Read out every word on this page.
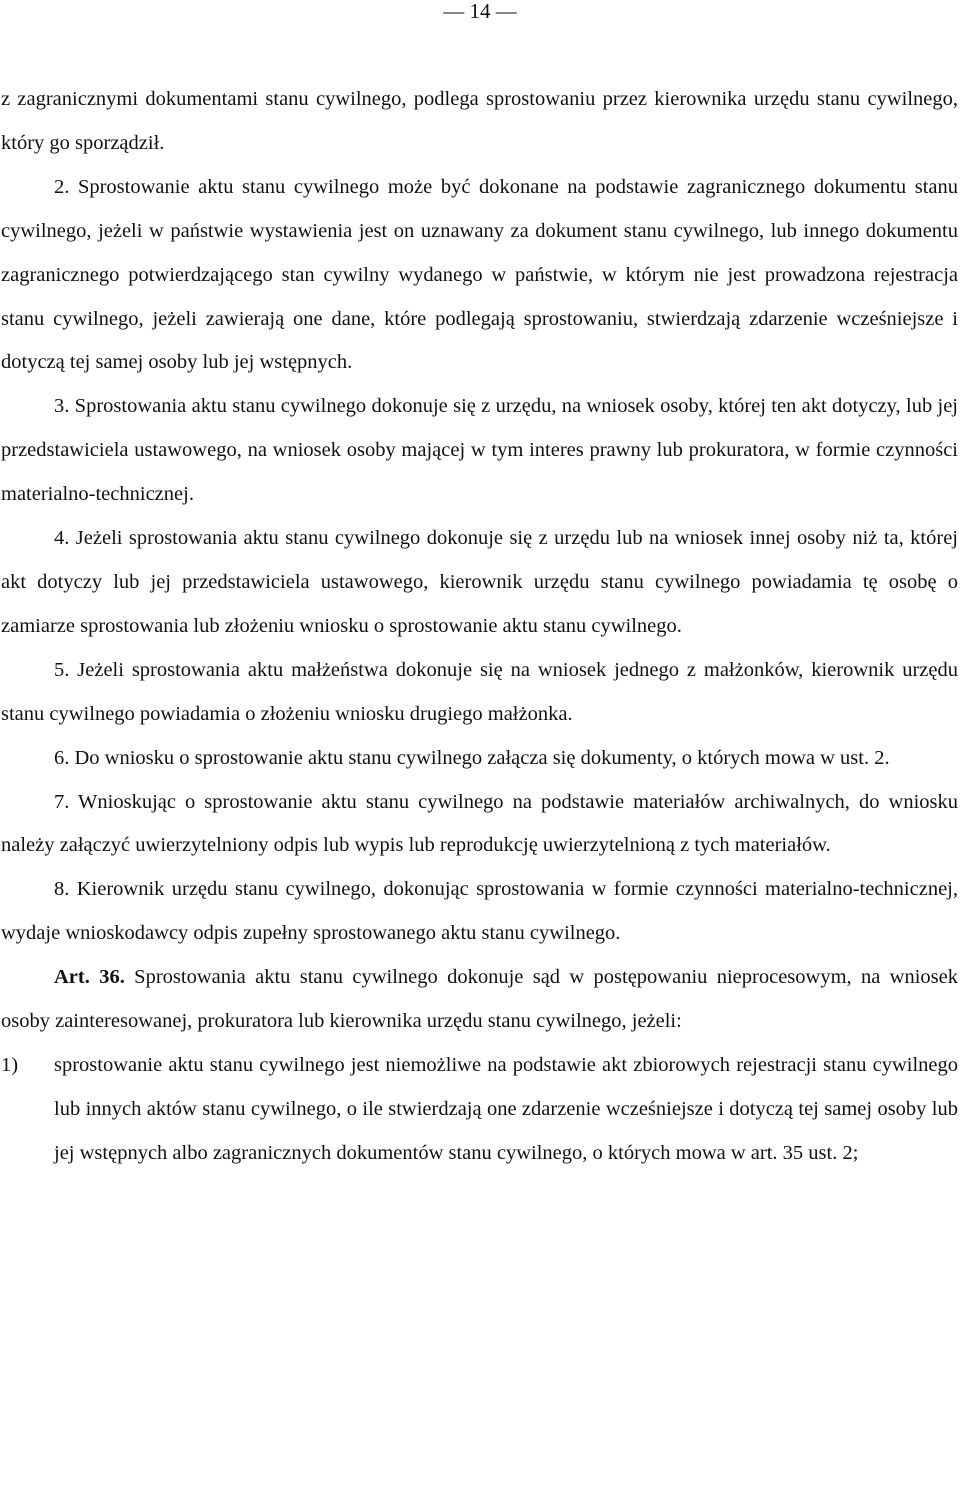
— 14 —

z zagranicznymi dokumentami stanu cywilnego, podlega sprostowaniu przez kierownika urzędu stanu cywilnego, który go sporządził.

2. Sprostowanie aktu stanu cywilnego może być dokonane na podstawie zagranicznego dokumentu stanu cywilnego, jeżeli w państwie wystawienia jest on uznawany za dokument stanu cywilnego, lub innego dokumentu zagranicznego potwierdzającego stan cywilny wydanego w państwie, w którym nie jest prowadzona rejestracja stanu cywilnego, jeżeli zawierają one dane, które podlegają sprostowaniu, stwierdzają zdarzenie wcześniejsze i dotyczą tej samej osoby lub jej wstępnych.

3. Sprostowania aktu stanu cywilnego dokonuje się z urzędu, na wniosek osoby, której ten akt dotyczy, lub jej przedstawiciela ustawowego, na wniosek osoby mającej w tym interes prawny lub prokuratora, w formie czynności materialno-technicznej.

4. Jeżeli sprostowania aktu stanu cywilnego dokonuje się z urzędu lub na wniosek innej osoby niż ta, której akt dotyczy lub jej przedstawiciela ustawowego, kierownik urzędu stanu cywilnego powiadamia tę osobę o zamiarze sprostowania lub złożeniu wniosku o sprostowanie aktu stanu cywilnego.

5. Jeżeli sprostowania aktu małżeństwa dokonuje się na wniosek jednego z małżonków, kierownik urzędu stanu cywilnego powiadamia o złożeniu wniosku drugiego małżonka.

6. Do wniosku o sprostowanie aktu stanu cywilnego załącza się dokumenty, o których mowa w ust. 2.

7. Wnioskując o sprostowanie aktu stanu cywilnego na podstawie materiałów archiwalnych, do wniosku należy załączyć uwierzytelniony odpis lub wypis lub reprodukcję uwierzytelnioną z tych materiałów.

8. Kierownik urzędu stanu cywilnego, dokonując sprostowania w formie czynności materialno-technicznej, wydaje wnioskodawcy odpis zupełny sprostowanego aktu stanu cywilnego.

Art. 36. Sprostowania aktu stanu cywilnego dokonuje sąd w postępowaniu nieprocesowym, na wniosek osoby zainteresowanej, prokuratora lub kierownika urzędu stanu cywilnego, jeżeli:

1)	sprostowanie aktu stanu cywilnego jest niemożliwe na podstawie akt zbiorowych rejestracji stanu cywilnego lub innych aktów stanu cywilnego, o ile stwierdzają one zdarzenie wcześniejsze i dotyczą tej samej osoby lub jej wstępnych albo zagranicznych dokumentów stanu cywilnego, o których mowa w art. 35 ust. 2;
